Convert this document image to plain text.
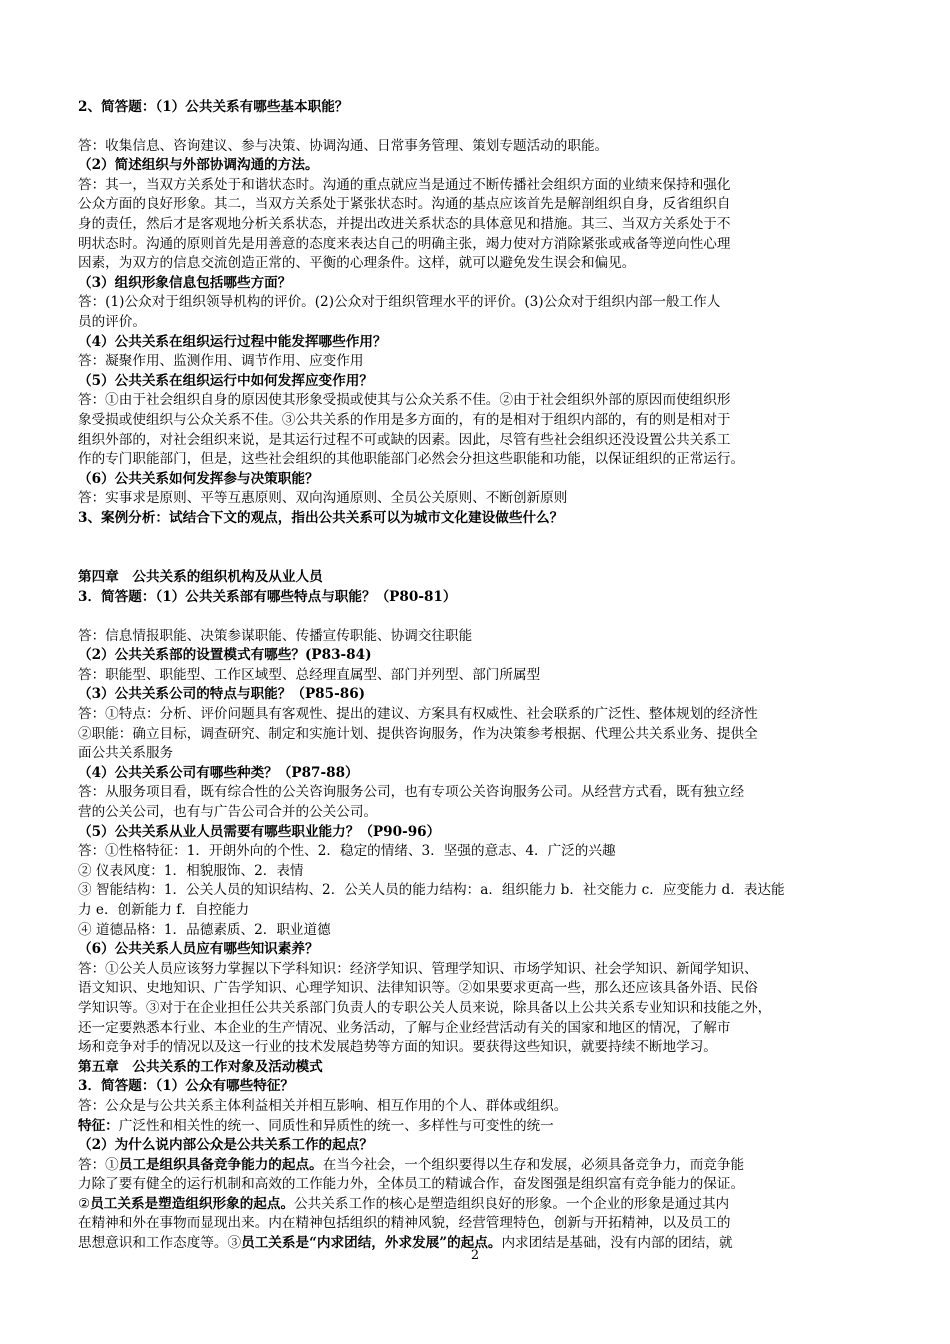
2、简答题：（1）公共关系有哪些基本职能？
答：收集信息、咨询建议、参与决策、协调沟通、日常事务管理、策划专题活动的职能。
（2）简述组织与外部协调沟通的方法。
答：其一，当双方关系处于和谐状态时。沟通的重点就应当是通过不断传播社会组织方面的业绩来保持和强化
公众方面的良好形象。其二，当双方关系处于紧张状态时。沟通的基点应该首先是解剖组织自身，反省组织自
身的责任，然后才是客观地分析关系状态，并提出改进关系状态的具体意见和措施。其三、当双方关系处于不
明状态时。沟通的原则首先是用善意的态度来表达自己的明确主张，竭力使对方消除紧张或戒备等逆向性心理
因素，为双方的信息交流创造正常的、平衡的心理条件。这样，就可以避免发生误会和偏见。
（3）组织形象信息包括哪些方面？
答：(1)公众对于组织领导机构的评价。(2)公众对于组织管理水平的评价。(3)公众对于组织内部一般工作人
员的评价。
（4）公共关系在组织运行过程中能发挥哪些作用？
答：凝聚作用、监测作用、调节作用、应变作用
（5）公共关系在组织运行中如何发挥应变作用？
答：①由于社会组织自身的原因使其形象受损或使其与公众关系不佳。②由于社会组织外部的原因而使组织形
象受损或使组织与公众关系不佳。③公共关系的作用是多方面的，有的是相对于组织内部的，有的则是相对于
组织外部的，对社会组织来说，是其运行过程不可或缺的因素。因此，尽管有些社会组织还没设置公共关系工
作的专门职能部门，但是，这些社会组织的其他职能部门必然会分担这些职能和功能，以保证组织的正常运行。
（6）公共关系如何发挥参与决策职能？
答：实事求是原则、平等互惠原则、双向沟通原则、全员公关原则、不断创新原则
3、案例分析：试结合下文的观点，指出公共关系可以为城市文化建设做些什么？
第四章　公共关系的组织机构及从业人员
3．简答题：（1）公共关系部有哪些特点与职能？（P80-81）
答：信息情报职能、决策参谋职能、传播宣传职能、协调交往职能
（2）公共关系部的设置模式有哪些？(P83-84)
答：职能型、职能型、工作区域型、总经理直属型、部门并列型、部门所属型
（3）公共关系公司的特点与职能？（P85-86)
答：①特点：分析、评价问题具有客观性、提出的建议、方案具有权威性、社会联系的广泛性、整体规划的经济性
②职能：确立目标，调查研究、制定和实施计划、提供咨询服务，作为决策参考根据、代理公共关系业务、提供全
面公共关系服务
（4）公共关系公司有哪些种类？（P87-88）
答：从服务项目看，既有综合性的公关咨询服务公司，也有专项公关咨询服务公司。从经营方式看，既有独立经
营的公关公司，也有与广告公司合并的公关公司。
（5）公共关系从业人员需要有哪些职业能力？（P90-96）
答：①性格特征：1．开朗外向的个性、2．稳定的情绪、3．坚强的意志、4．广泛的兴趣
② 仪表风度：1．相貌服饰、2．表情
③ 智能结构：1．公关人员的知识结构、2．公关人员的能力结构：a．组织能力 b．社交能力 c．应变能力 d．表达能
力 e．创新能力 f．自控能力
④ 道德品格：1．品德素质、2．职业道德
（6）公共关系人员应有哪些知识素养？
答：①公关人员应该努力掌握以下学科知识：经济学知识、管理学知识、市场学知识、社会学知识、新闻学知识、
语文知识、史地知识、广告学知识、心理学知识、法律知识等。②如果要求更高一些，那么还应该具备外语、民俗
学知识等。③对于在企业担任公共关系部门负责人的专职公关人员来说，除具备以上公共关系专业知识和技能之外，
还一定要熟悉本行业、本企业的生产情况、业务活动，了解与企业经营活动有关的国家和地区的情况，了解市
场和竞争对手的情况以及这一行业的技术发展趋势等方面的知识。要获得这些知识，就要持续不断地学习。
第五章　公共关系的工作对象及活动模式
3．简答题：（1）公众有哪些特征？
答：公众是与公共关系主体利益相关并相互影响、相互作用的个人、群体或组织。
特征：广泛性和相关性的统一、同质性和异质性的统一、多样性与可变性的统一
（2）为什么说内部公众是公共关系工作的起点？
答：①员工是组织具备竞争能力的起点。在当今社会，一个组织要得以生存和发展，必须具备竞争力，而竞争能
力除了要有健全的运行机制和高效的工作能力外，全体员工的精诚合作，奋发图强是组织富有竞争能力的保证。
②员工关系是塑造组织形象的起点。公共关系工作的核心是塑造组织良好的形象。一个企业的形象是通过其内
在精神和外在事物而显现出来。内在精神包括组织的精神风貌，经营管理特色，创新与开拓精神，以及员工的
思想意识和工作态度等。③员工关系是“内求团结，外求发展”的起点。内求团结是基础，没有内部的团结，就
2
